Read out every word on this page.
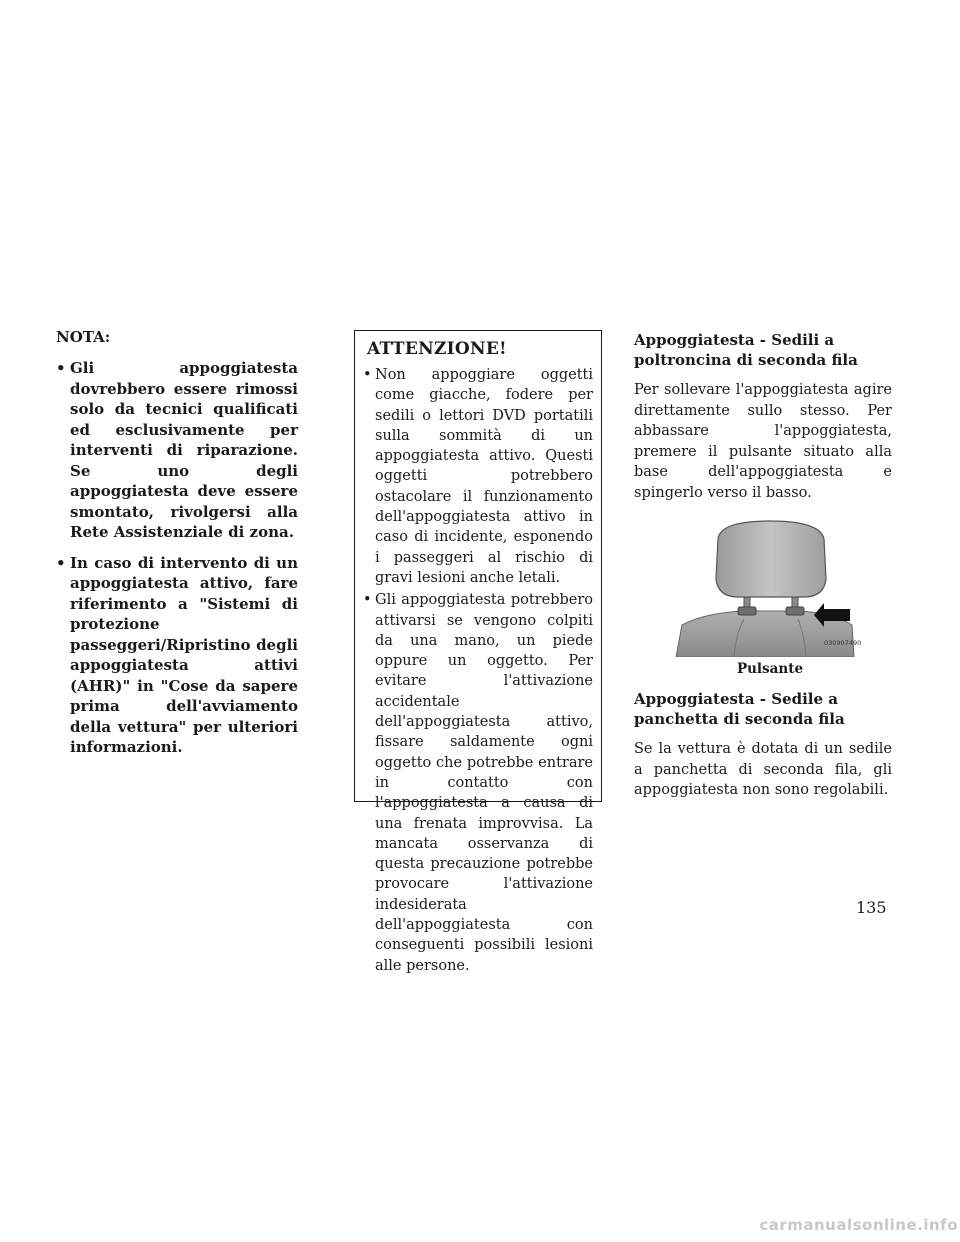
NOTA:
• Gli appoggiatesta dovrebbero essere rimossi solo da tecnici qualificati ed esclusivamente per interventi di riparazione. Se uno degli appoggiatesta deve essere smontato, rivolgersi alla Rete Assistenziale di zona.
• In caso di intervento di un appoggiatesta attivo, fare riferimento a "Sistemi di protezione passeggeri/Ripristino degli appoggiatesta attivi (AHR)" in "Cose da sapere prima dell'avviamento della vettura" per ulteriori informazioni.
ATTENZIONE!
• Non appoggiare oggetti come giacche, fodere per sedili o lettori DVD portatili sulla sommità di un appoggiatesta attivo. Questi oggetti potrebbero ostacolare il funzionamento dell'appoggiatesta attivo in caso di incidente, esponendo i passeggeri al rischio di gravi lesioni anche letali.
• Gli appoggiatesta potrebbero attivarsi se vengono colpiti da una mano, un piede oppure un oggetto. Per evitare l'attivazione accidentale dell'appoggiatesta attivo, fissare saldamente ogni oggetto che potrebbe entrare in contatto con l'appoggiatesta a causa di una frenata improvvisa. La mancata osservanza di questa precauzione potrebbe provocare l'attivazione indesiderata dell'appoggiatesta con conseguenti possibili lesioni alle persone.
Appoggiatesta - Sedili a poltroncina di seconda fila

Per sollevare l'appoggiatesta agire direttamente sullo stesso. Per abbassare l'appoggiatesta, premere il pulsante situato alla base dell'appoggiatesta e spingerlo verso il basso.

030907490
Pulsante
Appoggiatesta - Sedile a panchetta di seconda fila

Se la vettura è dotata di un sedile a panchetta di seconda fila, gli appoggiatesta non sono regolabili.

135
carmanualsonline.info
